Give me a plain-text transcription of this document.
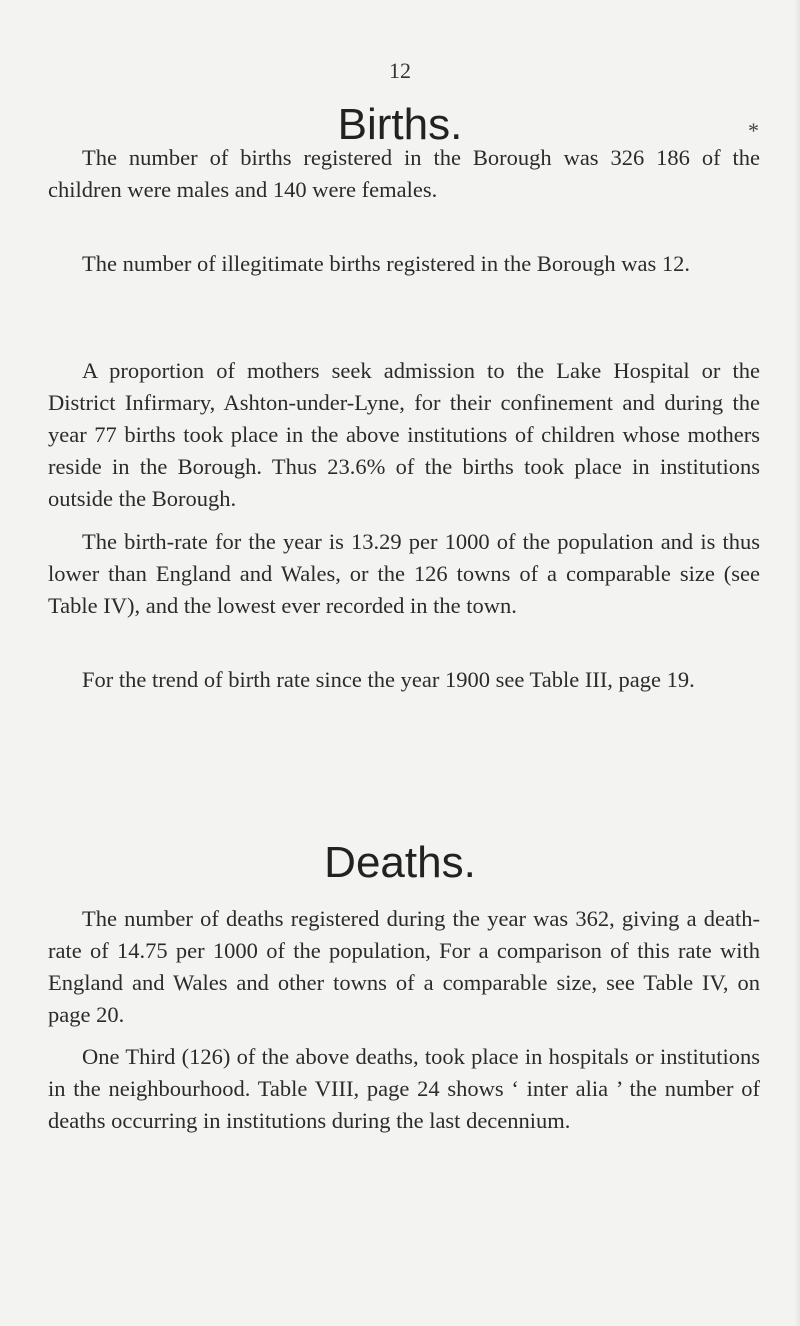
12
Births.	*

The number of births registered in the Borough was 326 186 of the children were males and 140 were females.

The number of illegitimate births registered in the Borough was 12.

A proportion of mothers seek admission to the Lake Hospital or the District Infirmary, Ashton-under-Lyne, for their confinement and during the year 77 births took place in the above institutions of children whose mothers reside in the Borough. Thus 23.6% of the births took place in institutions outside the Borough.

The birth-rate for the year is 13.29 per 1000 of the population and is thus lower than England and Wales, or the 126 towns of a comparable size (see Table IV), and the lowest ever recorded in the town.

For the trend of birth rate since the year 1900 see Table III, page 19.

Deaths.

The number of deaths registered during the year was 362, giving a death-rate of 14.75 per 1000 of the population, For a comparison of this rate with England and Wales and other towns of a comparable size, see Table IV, on page 20.

One Third (126) of the above deaths, took place in hospitals or institutions in the neighbourhood. Table VIII, page 24 shows ‘ inter alia ’ the number of deaths occurring in institutions during the last decennium.
